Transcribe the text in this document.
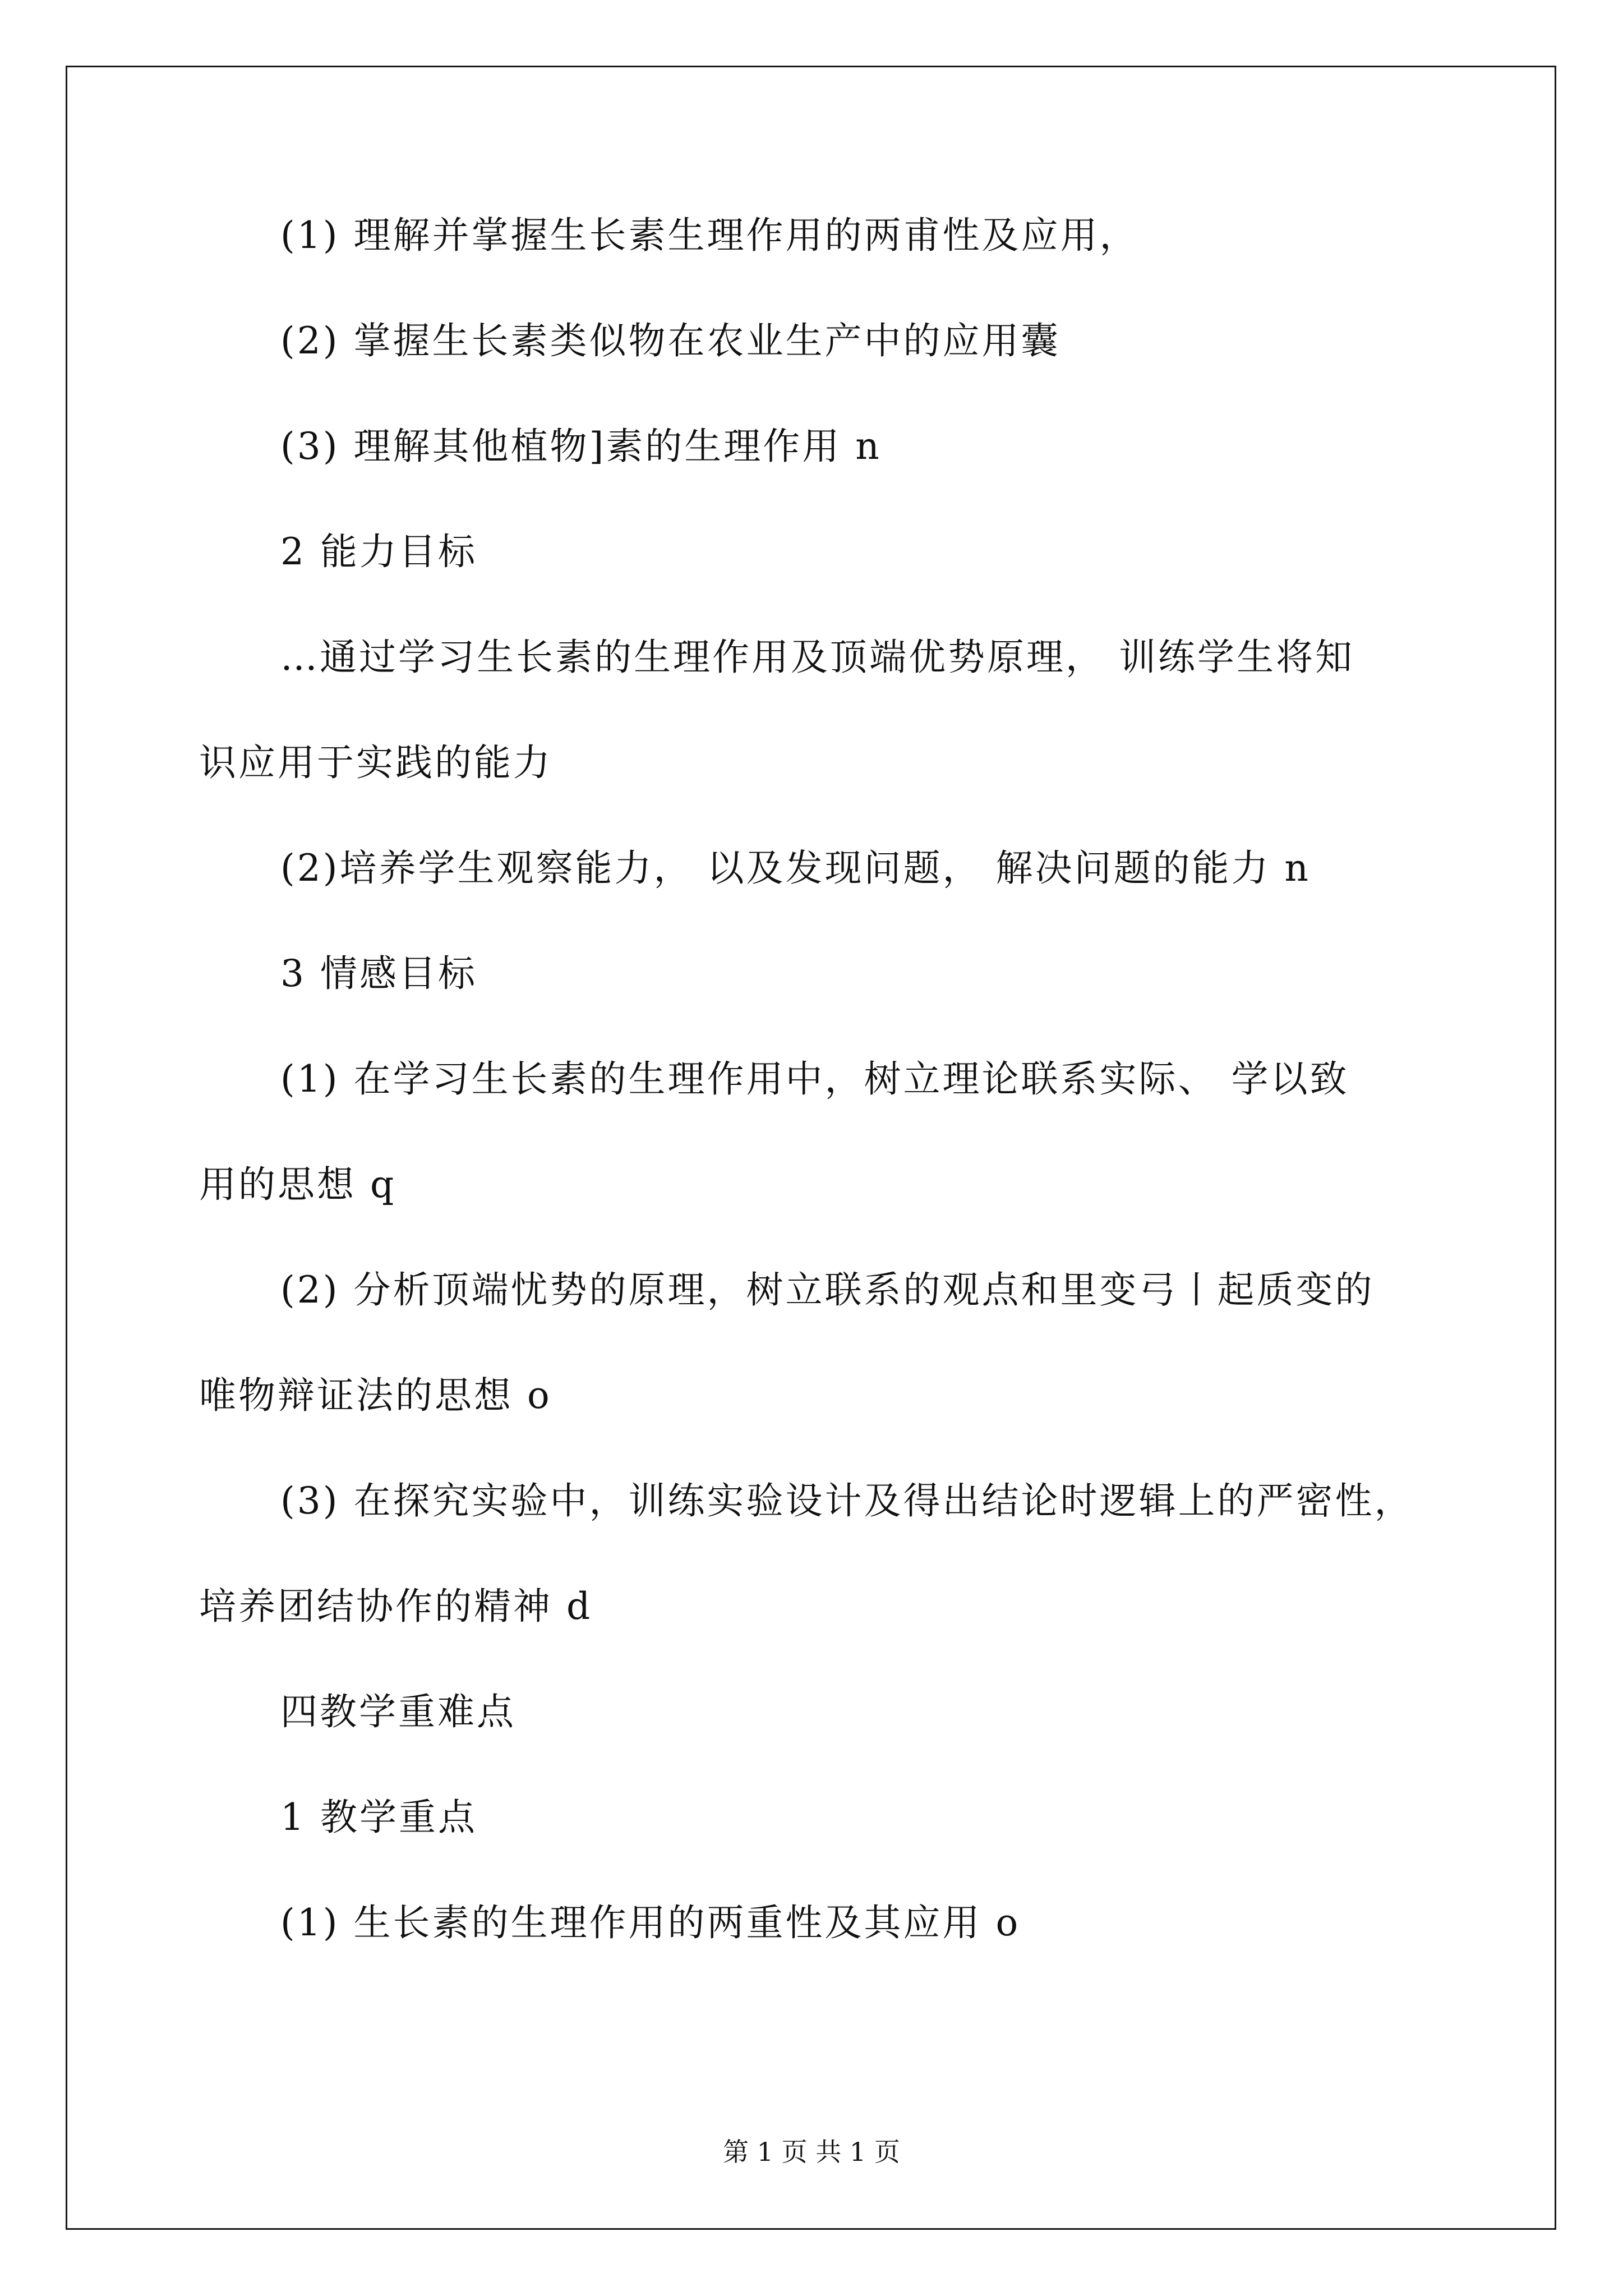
(1) 理解并掌握生长素生理作用的两甫性及应用，
(2) 掌握生长素类似物在农业生产中的应用囊
(3) 理解其他植物]素的生理作用 n
2 能力目标
…通过学习生长素的生理作用及顶端优势原理， 训练学生将知
识应用于实践的能力
(2)培养学生观察能力， 以及发现问题， 解决问题的能力 n
3 情感目标
(1) 在学习生长素的生理作用中，树立理论联系实际、 学以致
用的思想 q
(2) 分析顶端忧势的原理，树立联系的观点和里变弓丨起质变的
唯物辩证法的思想 o
(3) 在探究实验中，训练实验设计及得出结论时逻辑上的严密性，
培养团结协作的精神 d
四教学重难点
1 教学重点
(1) 生长素的生理作用的两重性及其应用 o
第 1 页 共 1 页
